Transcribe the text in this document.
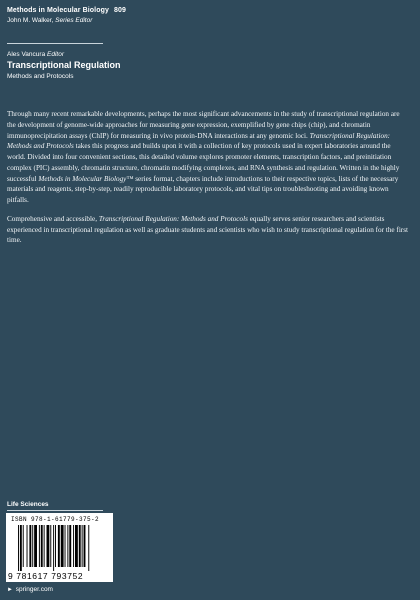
Methods in Molecular Biology 809
John M. Walker, Series Editor
Ales Vancura Editor
Transcriptional Regulation
Methods and Protocols

Through many recent remarkable developments, perhaps the most significant advancements in the study of transcriptional regulation are the development of genome-wide approaches for measuring gene expression, exemplified by gene chips (chip), and chromatin immunoprecipitation assays (ChIP) for measuring in vivo protein-DNA interactions at any genomic loci. Transcriptional Regulation: Methods and Protocols takes this progress and builds upon it with a collection of key protocols used in expert laboratories around the world. Divided into four convenient sections, this detailed volume explores promoter elements, transcription factors, and preinitiation complex (PIC) assembly, chromatin structure, chromatin modifying complexes, and RNA synthesis and regulation. Written in the highly successful Methods in Molecular Biology™ series format, chapters include introductions to their respective topics, lists of the necessary materials and reagents, step-by-step, readily reproducible laboratory protocols, and vital tips on troubleshooting and avoiding known pitfalls.

Comprehensive and accessible, Transcriptional Regulation: Methods and Protocols equally serves senior researchers and scientists experienced in transcriptional regulation as well as graduate students and scientists who wish to study transcriptional regulation for the first time.

Life Sciences
ISBN 978-1-61779-375-2
9 781617 793752
► springer.com
